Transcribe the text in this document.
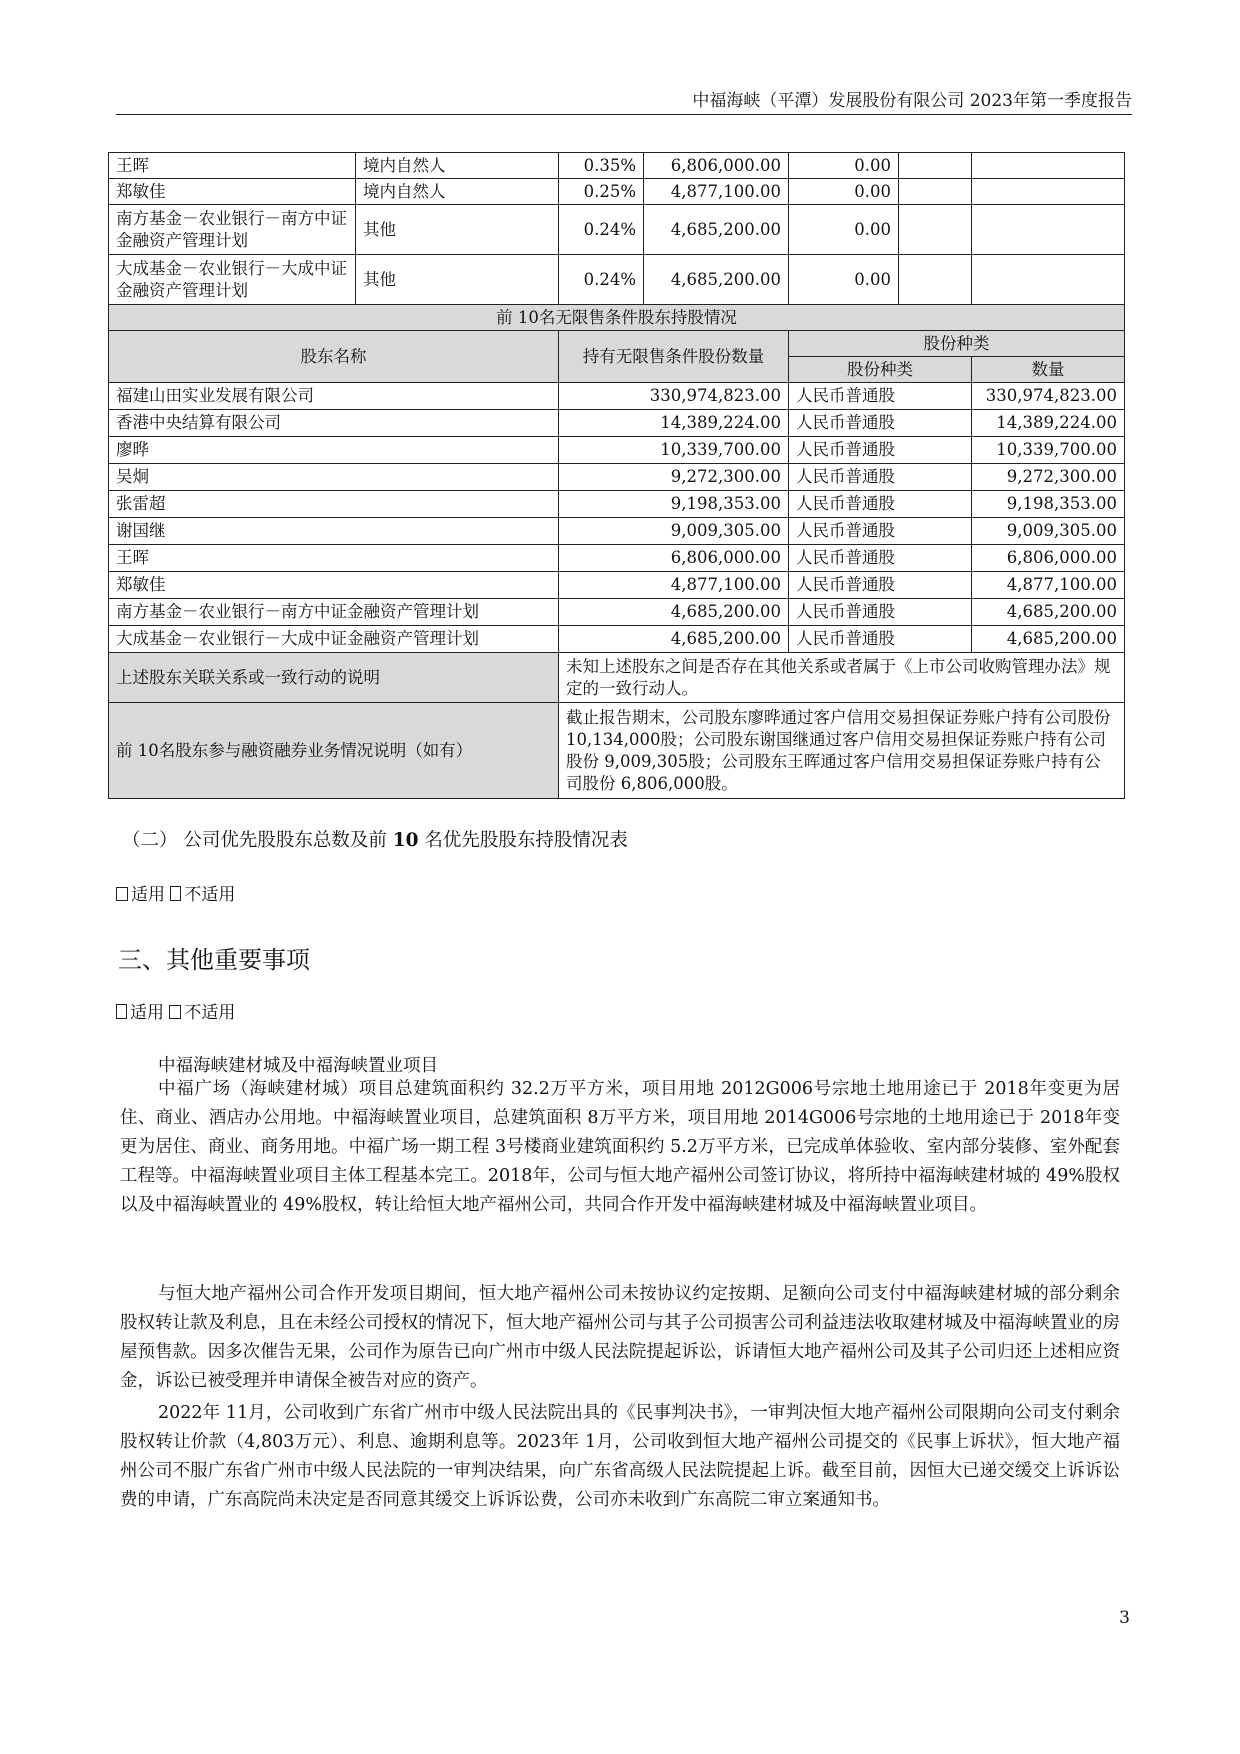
中福海峡（平潭）发展股份有限公司 2023年第一季度报告
王晖	境内自然人	0.35%	6,806,000.00	0.00		
郑敏佳	境内自然人	0.25%	4,877,100.00	0.00		
南方基金－农业银行－南方中证金融资产管理计划	其他	0.24%	4,685,200.00	0.00		
大成基金－农业银行－大成中证金融资产管理计划	其他	0.24%	4,685,200.00	0.00		
前 10名无限售条件股东持股情况						
股东名称		持有无限售条件股份数量		股份种类		
				股份种类		数量
福建山田实业发展有限公司		330,974,823.00		人民币普通股		330,974,823.00
香港中央结算有限公司		14,389,224.00		人民币普通股		14,389,224.00
廖晔		10,339,700.00		人民币普通股		10,339,700.00
吴炯		9,272,300.00		人民币普通股		9,272,300.00
张雷超		9,198,353.00		人民币普通股		9,198,353.00
谢国继		9,009,305.00		人民币普通股		9,009,305.00
王晖		6,806,000.00		人民币普通股		6,806,000.00
郑敏佳		4,877,100.00		人民币普通股		4,877,100.00
南方基金－农业银行－南方中证金融资产管理计划		4,685,200.00		人民币普通股		4,685,200.00
大成基金－农业银行－大成中证金融资产管理计划		4,685,200.00		人民币普通股		4,685,200.00
上述股东关联关系或一致行动的说明		未知上述股东之间是否存在其他关系或者属于《上市公司收购管理办法》规定的一致行动人。				
前 10名股东参与融资融券业务情况说明（如有）		截止报告期末，公司股东廖晔通过客户信用交易担保证券账户持有公司股份 10,134,000股；公司股东谢国继通过客户信用交易担保证券账户持有公司股份 9,009,305股；公司股东王晖通过客户信用交易担保证券账户持有公司股份 6,806,000股。				
（二） 公司优先股股东总数及前 10 名优先股股东持股情况表
适用 不适用
三、其他重要事项
适用 不适用
中福海峡建材城及中福海峡置业项目

中福广场（海峡建材城）项目总建筑面积约 32.2万平方米，项目用地 2012G006号宗地土地用途已于 2018年变更为居住、商业、酒店办公用地。中福海峡置业项目，总建筑面积 8万平方米，项目用地 2014G006号宗地的土地用途已于 2018年变更为居住、商业、商务用地。中福广场一期工程 3号楼商业建筑面积约 5.2万平方米，已完成单体验收、室内部分装修、室外配套工程等。中福海峡置业项目主体工程基本完工。2018年，公司与恒大地产福州公司签订协议，将所持中福海峡建材城的 49%股权以及中福海峡置业的 49%股权，转让给恒大地产福州公司，共同合作开发中福海峡建材城及中福海峡置业项目。

与恒大地产福州公司合作开发项目期间，恒大地产福州公司未按协议约定按期、足额向公司支付中福海峡建材城的部分剩余股权转让款及利息，且在未经公司授权的情况下，恒大地产福州公司与其子公司损害公司利益违法收取建材城及中福海峡置业的房屋预售款。因多次催告无果，公司作为原告已向广州市中级人民法院提起诉讼，诉请恒大地产福州公司及其子公司归还上述相应资金，诉讼已被受理并申请保全被告对应的资产。

2022年 11月，公司收到广东省广州市中级人民法院出具的《民事判决书》，一审判决恒大地产福州公司限期向公司支付剩余股权转让价款（4,803万元）、利息、逾期利息等。2023年 1月，公司收到恒大地产福州公司提交的《民事上诉状》，恒大地产福州公司不服广东省广州市中级人民法院的一审判决结果，向广东省高级人民法院提起上诉。截至目前，因恒大已递交缓交上诉诉讼费的申请，广东高院尚未决定是否同意其缓交上诉诉讼费，公司亦未收到广东高院二审立案通知书。

3
